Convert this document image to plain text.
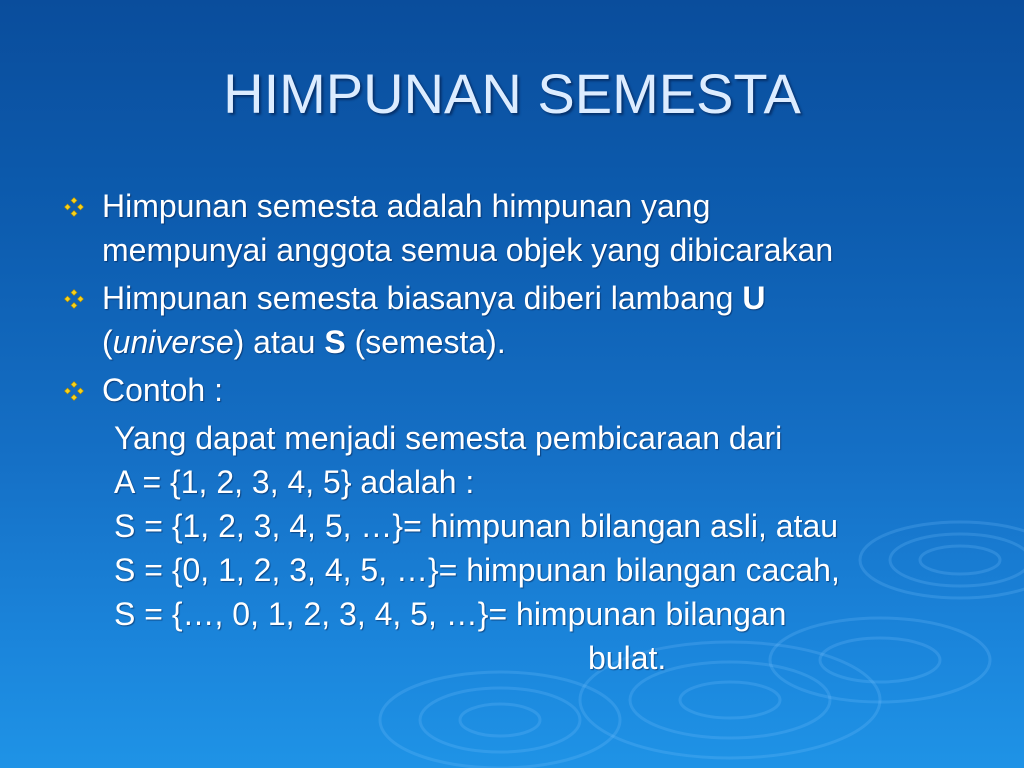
HIMPUNAN SEMESTA
Himpunan semesta adalah himpunan yang
mempunyai anggota semua objek yang dibicarakan
Himpunan semesta biasanya diberi lambang U
(universe) atau S (semesta).
Contoh :
Yang dapat menjadi semesta pembicaraan dari
A = {1, 2, 3, 4, 5} adalah :
S = {1, 2, 3, 4, 5, …}= himpunan bilangan asli, atau
S = {0, 1, 2, 3, 4, 5, …}= himpunan bilangan cacah,
S = {…, 0, 1, 2, 3, 4, 5, …}= himpunan bilangan
bulat.
